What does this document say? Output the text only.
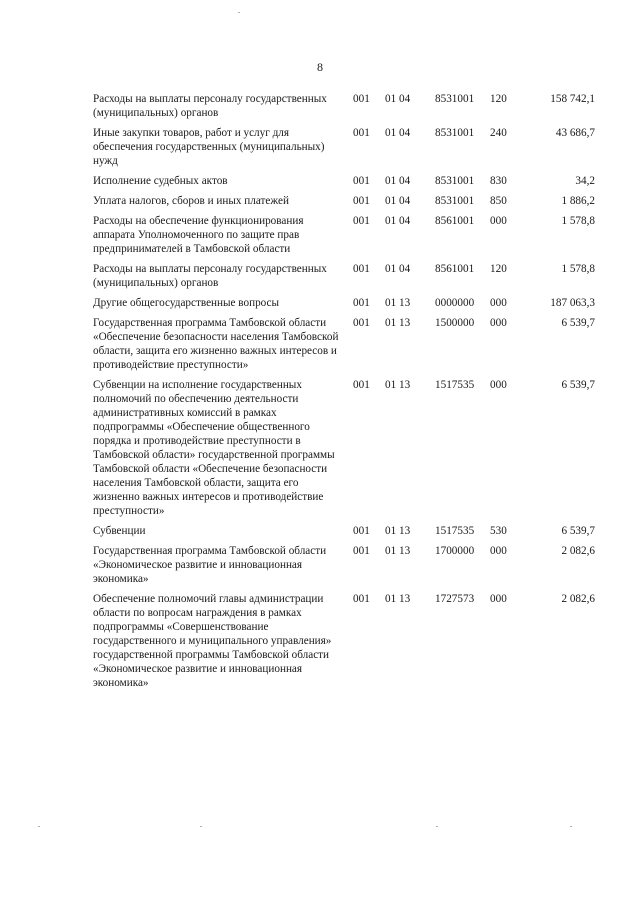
8
Расходы на выплаты персоналу государственных (муниципальных) органов	001	01 04	8531001	120	158 742,1
Иные закупки товаров, работ и услуг для обеспечения государственных (муниципальных) нужд	001	01 04	8531001	240	43 686,7
Исполнение судебных актов	001	01 04	8531001	830	34,2
Уплата налогов, сборов и иных платежей	001	01 04	8531001	850	1 886,2
Расходы на обеспечение функционирования аппарата Уполномоченного по защите прав предпринимателей в Тамбовской области	001	01 04	8561001	000	1 578,8
Расходы на выплаты персоналу государственных (муниципальных) органов	001	01 04	8561001	120	1 578,8
Другие общегосударственные вопросы	001	01 13	0000000	000	187 063,3
Государственная программа Тамбовской области «Обеспечение безопасности населения Тамбовской области, защита его жизненно важных интересов и противодействие преступности»	001	01 13	1500000	000	6 539,7
Субвенции на исполнение государственных полномочий по обеспечению деятельности административных комиссий в рамках подпрограммы «Обеспечение общественного порядка и противодействие преступности в Тамбовской области» государственной программы Тамбовской области «Обеспечение безопасности населения Тамбовской области, защита его жизненно важных интересов и противодействие преступности»	001	01 13	1517535	000	6 539,7
Субвенции	001	01 13	1517535	530	6 539,7
Государственная программа Тамбовской области «Экономическое развитие и инновационная экономика»	001	01 13	1700000	000	2 082,6
Обеспечение полномочий главы администрации области по вопросам награждения в рамках подпрограммы «Совершенствование государственного и муниципального управления» государственной программы Тамбовской области «Экономическое развитие и инновационная экономика»	001	01 13	1727573	000	2 082,6
